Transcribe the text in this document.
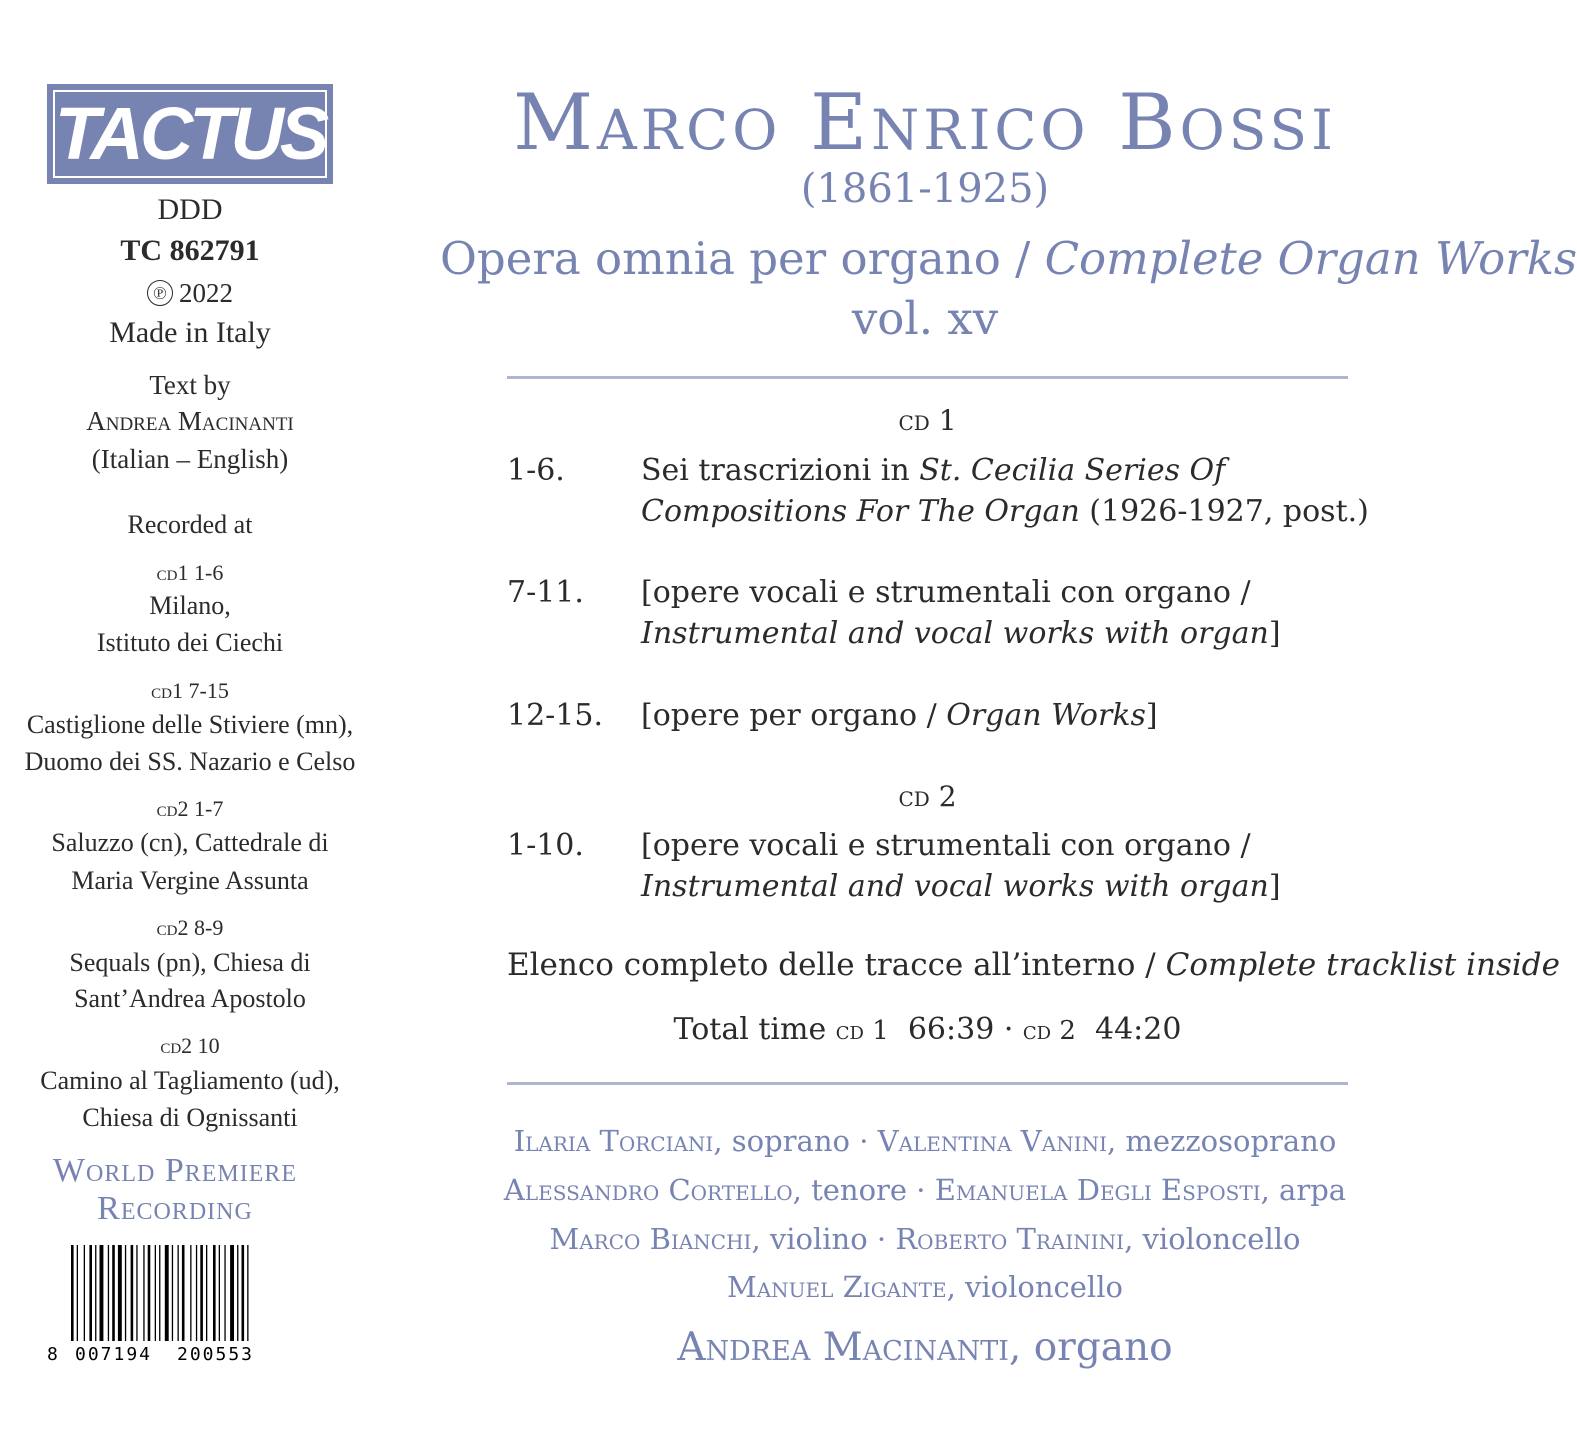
TACTUS
DDD
TC 862791
℗ 2022
Made in Italy
Text by
Andrea Macinanti
(Italian – English)
Recorded at
cd1 1-6
Milano,
Istituto dei Ciechi
cd1 7-15
Castiglione delle Stiviere (mn),
Duomo dei SS. Nazario e Celso
cd2 1-7
Saluzzo (cn), Cattedrale di
Maria Vergine Assunta
cd2 8-9
Sequals (pn), Chiesa di
Sant’Andrea Apostolo
cd2 10
Camino al Tagliamento (ud),
Chiesa di Ognissanti
World Premiere
Recording
8 007194 200553
Marco Enrico Bossi
(1861-1925)
Opera omnia per organo / Complete Organ Works
vol. xv
cd 1
1-6.	Sei trascrizioni in St. Cecilia Series Of
Compositions For The Organ (1926-1927, post.)
7-11. [opere vocali e strumentali con organo /
Instrumental and vocal works with organ]
12-15. [opere per organo / Organ Works]
cd 2
1-10. [opere vocali e strumentali con organo /
Instrumental and vocal works with organ]
Elenco completo delle tracce all’interno / Complete tracklist inside
Total time cd 1 66:39 · cd 2 44:20
Ilaria Torciani, soprano · Valentina Vanini, mezzosoprano
Alessandro Cortello, tenore · Emanuela Degli Esposti, arpa
Marco Bianchi, violino · Roberto Trainini, violoncello
Manuel Zigante, violoncello
Andrea Macinanti, organo
